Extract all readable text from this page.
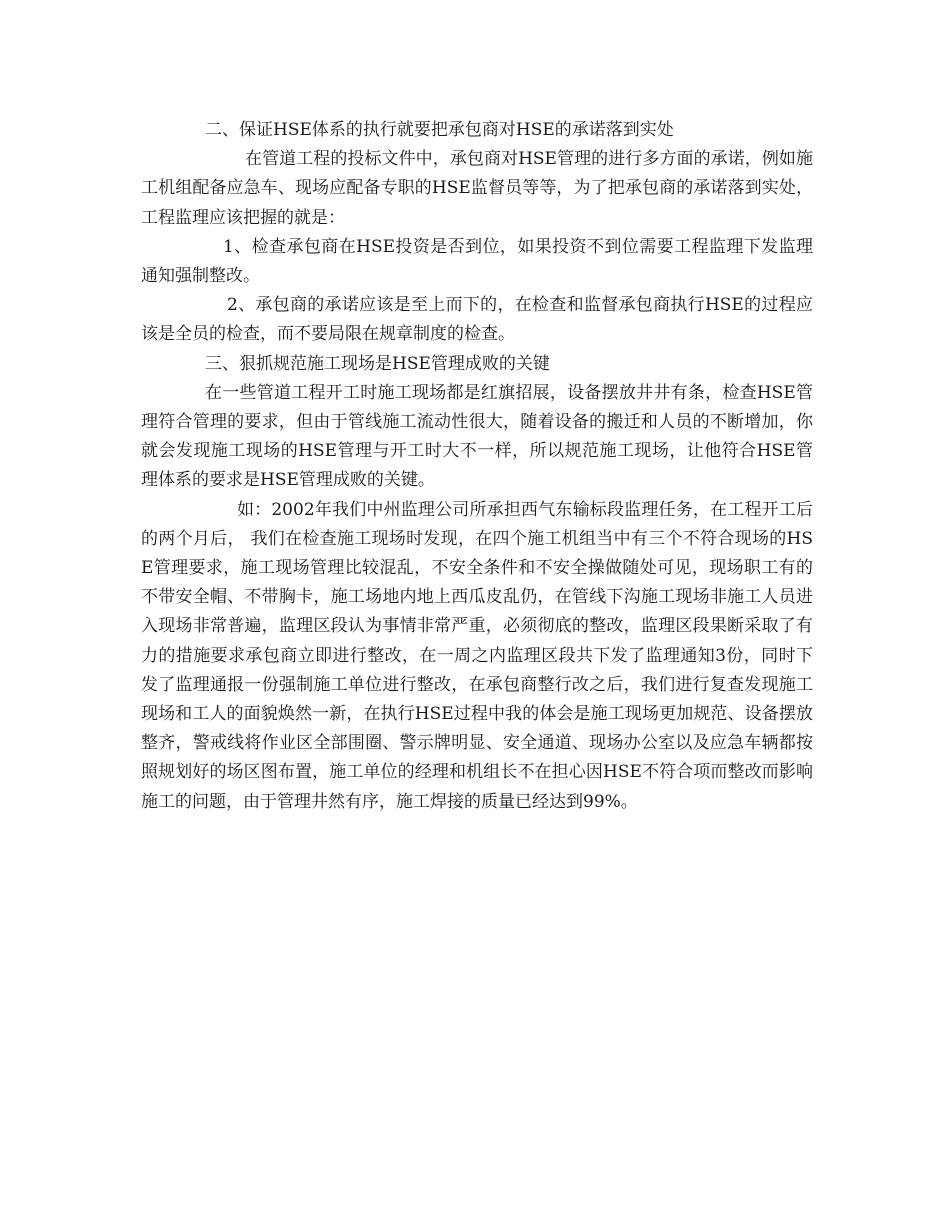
二、保证HSE体系的执行就要把承包商对HSE的承诺落到实处

在管道工程的投标文件中，承包商对HSE管理的进行多方面的承诺，例如施工机组配备应急车、现场应配备专职的HSE监督员等等，为了把承包商的承诺落到实处，工程监理应该把握的就是：

1、检查承包商在HSE投资是否到位，如果投资不到位需要工程监理下发监理通知强制整改。

2、承包商的承诺应该是至上而下的，在检查和监督承包商执行HSE的过程应该是全员的检查，而不要局限在规章制度的检查。

三、狠抓规范施工现场是HSE管理成败的关键

在一些管道工程开工时施工现场都是红旗招展，设备摆放井井有条，检查HSE管理符合管理的要求，但由于管线施工流动性很大，随着设备的搬迁和人员的不断增加，你就会发现施工现场的HSE管理与开工时大不一样，所以规范施工现场，让他符合HSE管理体系的要求是HSE管理成败的关键。

如：2002年我们中州监理公司所承担西气东输标段监理任务，在工程开工后的两个月后， 我们在检查施工现场时发现，在四个施工机组当中有三个不符合现场的HSE管理要求，施工现场管理比较混乱，不安全条件和不安全操做随处可见，现场职工有的不带安全帽、不带胸卡，施工场地内地上西瓜皮乱仍，在管线下沟施工现场非施工人员进入现场非常普遍，监理区段认为事情非常严重，必须彻底的整改，监理区段果断采取了有力的措施要求承包商立即进行整改，在一周之内监理区段共下发了监理通知3份，同时下发了监理通报一份强制施工单位进行整改，在承包商整行改之后，我们进行复查发现施工现场和工人的面貌焕然一新，在执行HSE过程中我的体会是施工现场更加规范、设备摆放整齐，警戒线将作业区全部围圈、警示牌明显、安全通道、现场办公室以及应急车辆都按照规划好的场区图布置，施工单位的经理和机组长不在担心因HSE不符合项而整改而影响施工的问题，由于管理井然有序，施工焊接的质量已经达到99%。
